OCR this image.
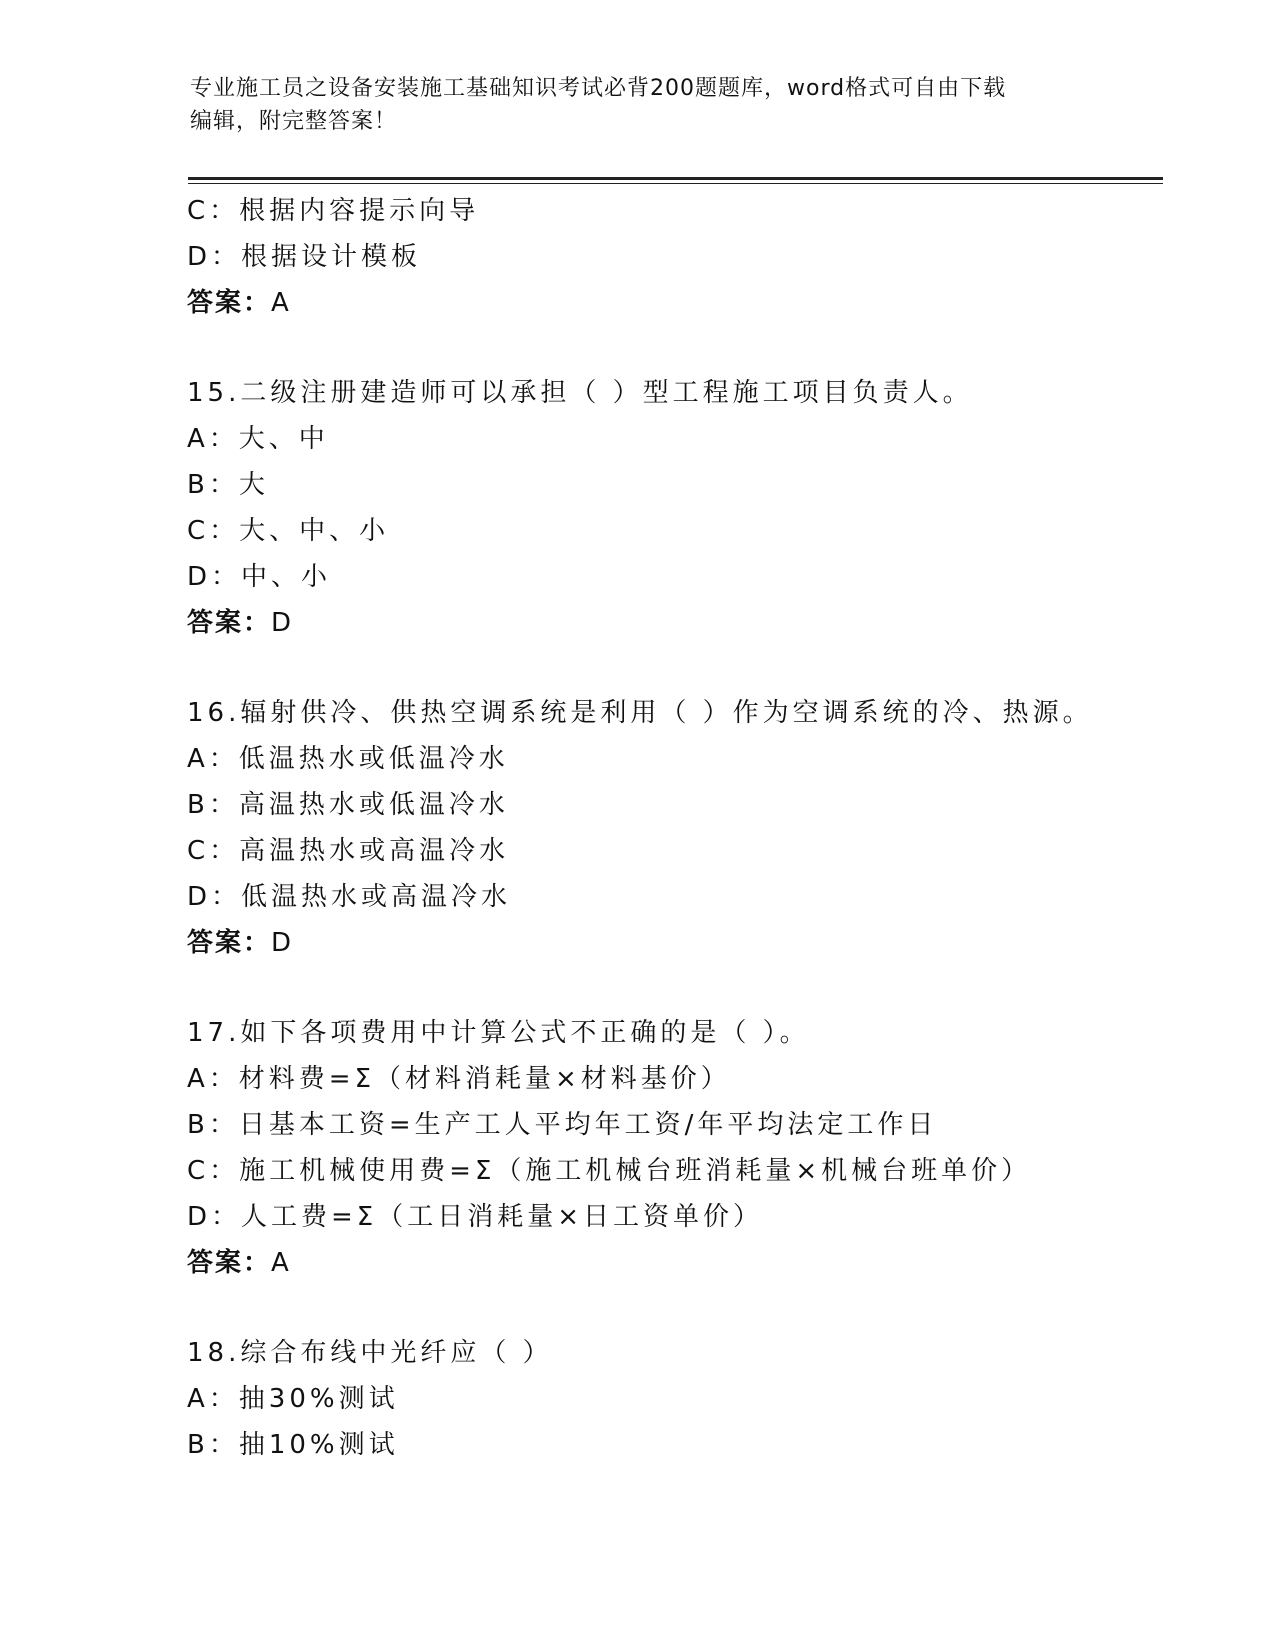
专业施工员之设备安装施工基础知识考试必背200题题库，word格式可自由下载
编辑，附完整答案！
C：根据内容提示向导
D：根据设计模板
答案：A
15.二级注册建造师可以承担（ ）型工程施工项目负责人。
A：大、中
B：大
C：大、中、小
D：中、小
答案：D
16.辐射供冷、供热空调系统是利用（ ）作为空调系统的冷、热源。
A：低温热水或低温冷水
B：高温热水或低温冷水
C：高温热水或高温冷水
D：低温热水或高温冷水
答案：D
17.如下各项费用中计算公式不正确的是（ ）。
A：材料费=Σ（材料消耗量×材料基价）
B：日基本工资=生产工人平均年工资/年平均法定工作日
C：施工机械使用费=Σ（施工机械台班消耗量×机械台班单价）
D：人工费=Σ（工日消耗量×日工资单价）
答案：A
18.综合布线中光纤应（ ）
A：抽30%测试
B：抽10%测试
